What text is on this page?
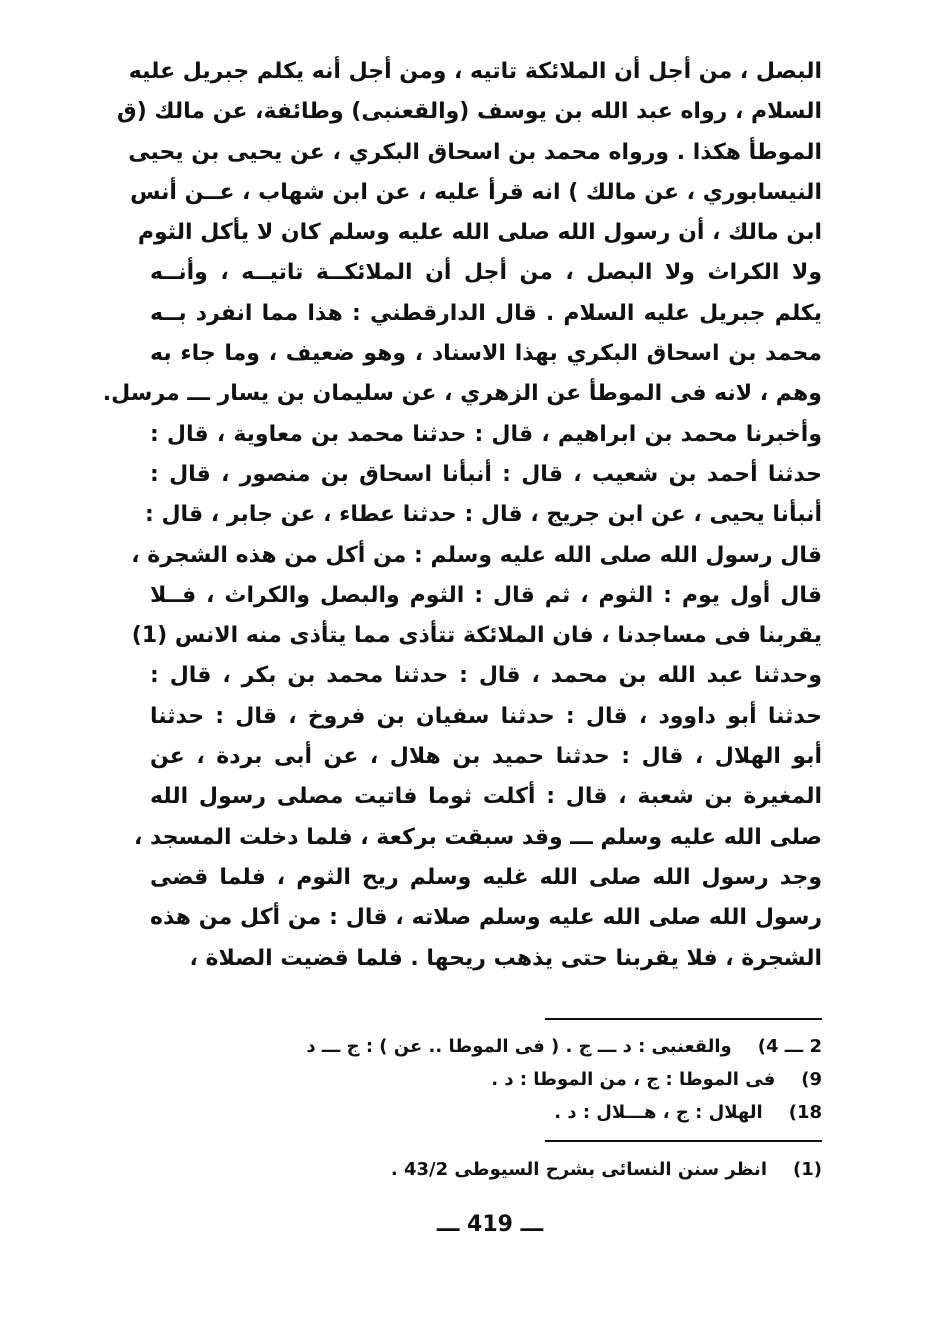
البصل ، من أجل أن الملائكة تاتيه ، ومن أجل أنه يكلم جبريل عليه
السلام ، رواه عبد الله بن يوسف (والقعنبى) وطائفة، عن مالك (ق
الموطأ هكذا . ورواه محمد بن اسحاق البكري ، عن يحيى بن يحيى
النيسابوري ، عن مالك ) انه قرأ عليه ، عن ابن شهاب ، عــن أنس
ابن مالك ، أن رسول الله صلى الله عليه وسلم كان لا يأكل الثوم
ولا الكراث ولا البصل ، من أجل أن الملائكــة تاتيــه ، وأنــه
يكلم جبريل عليه السلام . قال الدارقطني : هذا مما انفرد بــه
محمد بن اسحاق البكري بهذا الاسناد ، وهو ضعيف ، وما جاء به
وهم ، لانه فى الموطأ عن الزهري ، عن سليمان بن يسار ـــ مرسل.
وأخبرنا محمد بن ابراهيم ، قال : حدثنا محمد بن معاوية ، قال :
حدثنا أحمد بن شعيب ، قال : أنبأنا اسحاق بن منصور ، قال :
أنبأنا يحيى ، عن ابن جريج ، قال : حدثنا عطاء ، عن جابر ، قال :
قال رسول الله صلى الله عليه وسلم : من أكل من هذه الشجرة ،
قال أول يوم : الثوم ، ثم قال : الثوم والبصل والكراث ، فــلا
يقربنا فى مساجدنا ، فان الملائكة تتأذى مما يتأذى منه الانس (1)
وحدثنا عبد الله بن محمد ، قال : حدثنا محمد بن بكر ، قال :
حدثنا أبو داوود ، قال : حدثنا سفيان بن فروخ ، قال : حدثنا
أبو الهلال ، قال : حدثنا حميد بن هلال ، عن أبى بردة ، عن
المغيرة بن شعبة ، قال : أكلت ثوما فاتيت مصلى رسول الله
صلى الله عليه وسلم ـــ وقد سبقت بركعة ، فلما دخلت المسجد ،
وجد رسول الله صلى الله غليه وسلم ريح الثوم ، فلما قضى
رسول الله صلى الله عليه وسلم صلاته ، قال : من أكل من هذه
الشجرة ، فلا يقربنا حتى يذهب ريحها . فلما قضيت الصلاة ،
2 ـــ 4)والقعنبى : د ـــ ج . ( فى الموطا .. عن ) : ج ـــ د
9)فى الموطا : ج ، من الموطا : د .
18)الهلال : ج ، هـــلال : د .
(1)انظر سنن النسائى بشرح السيوطى 43/2 .
ـــ 419 ـــ
